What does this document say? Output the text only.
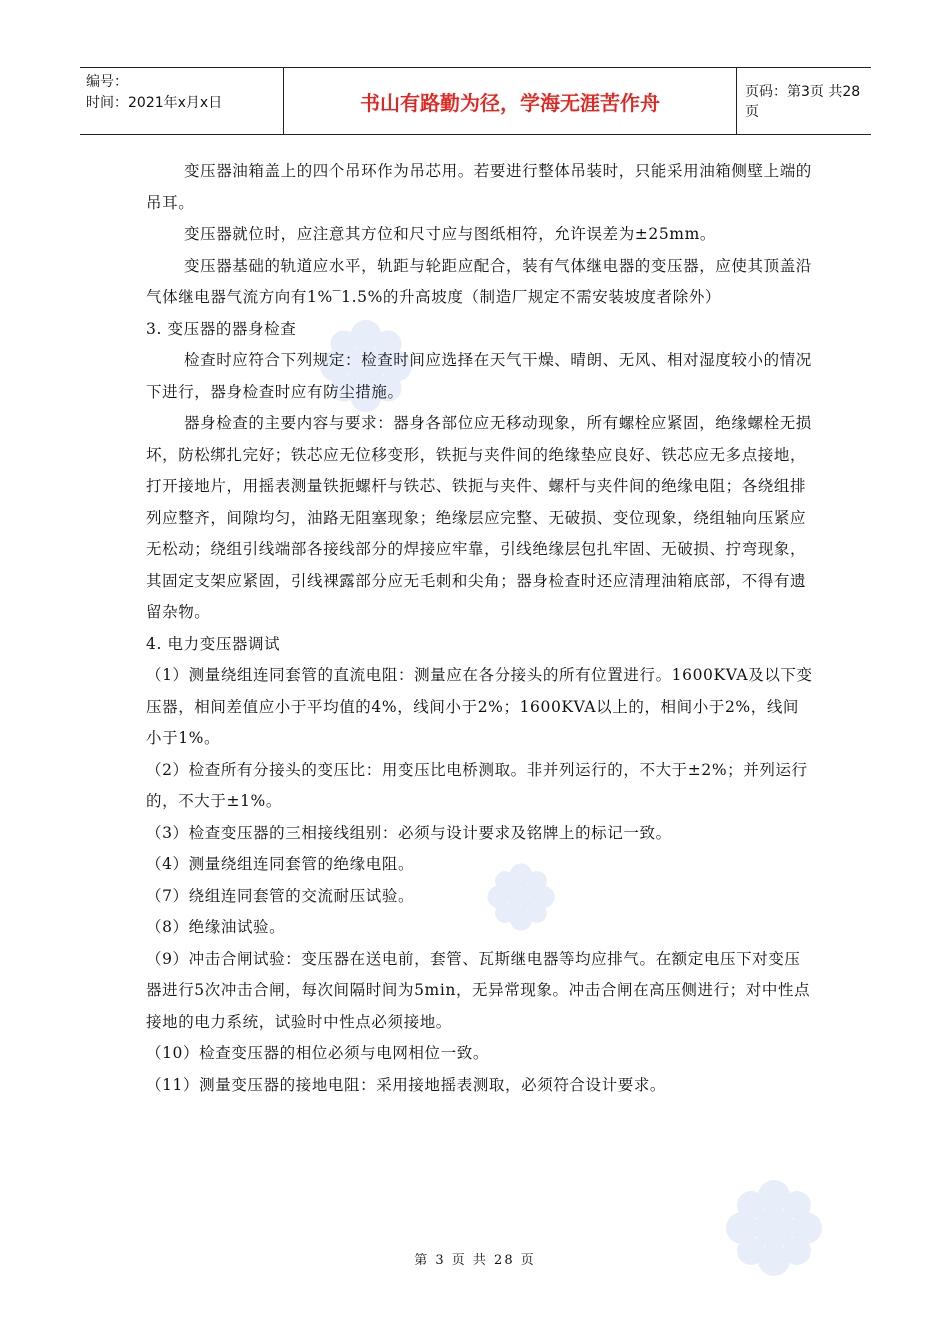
编号：
时间：2021年x月x日	书山有路勤为径，学海无涯苦作舟	页码：第3页 共28页

变压器油箱盖上的四个吊环作为吊芯用。若要进行整体吊装时，只能采用油箱侧壁上端的吊耳。

变压器就位时，应注意其方位和尺寸应与图纸相符，允许误差为±25mm。

变压器基础的轨道应水平，轨距与轮距应配合，装有气体继电器的变压器，应使其顶盖沿气体继电器气流方向有1%‾1.5%的升高坡度（制造厂规定不需安装坡度者除外）

3. 变压器的器身检查

检查时应符合下列规定：检查时间应选择在天气干燥、晴朗、无风、相对湿度较小的情况下进行，器身检查时应有防尘措施。

器身检查的主要内容与要求：器身各部位应无移动现象，所有螺栓应紧固，绝缘螺栓无损坏，防松绑扎完好；铁芯应无位移变形，铁扼与夹件间的绝缘垫应良好、铁芯应无多点接地，打开接地片，用摇表测量铁扼螺杆与铁芯、铁扼与夹件、螺杆与夹件间的绝缘电阻；各绕组排列应整齐，间隙均匀，油路无阻塞现象；绝缘层应完整、无破损、变位现象，绕组轴向压紧应无松动；绕组引线端部各接线部分的焊接应牢靠，引线绝缘层包扎牢固、无破损、拧弯现象，其固定支架应紧固，引线裸露部分应无毛刺和尖角；器身检查时还应清理油箱底部，不得有遗留杂物。

4. 电力变压器调试

（1）测量绕组连同套管的直流电阻：测量应在各分接头的所有位置进行。1600KVA及以下变压器，相间差值应小于平均值的4%，线间小于2%；1600KVA以上的，相间小于2%，线间小于1%。

（2）检查所有分接头的变压比：用变压比电桥测取。非并列运行的，不大于±2%；并列运行的，不大于±1%。

（3）检查变压器的三相接线组别：必须与设计要求及铭牌上的标记一致。

（4）测量绕组连同套管的绝缘电阻。

（7）绕组连同套管的交流耐压试验。

（8）绝缘油试验。

（9）冲击合闸试验：变压器在送电前，套管、瓦斯继电器等均应排气。在额定电压下对变压器进行5次冲击合闸，每次间隔时间为5min，无异常现象。冲击合闸在高压侧进行；对中性点接地的电力系统，试验时中性点必须接地。

（10）检查变压器的相位必须与电网相位一致。

（11）测量变压器的接地电阻：采用接地摇表测取，必须符合设计要求。

第 3 页 共 28 页
